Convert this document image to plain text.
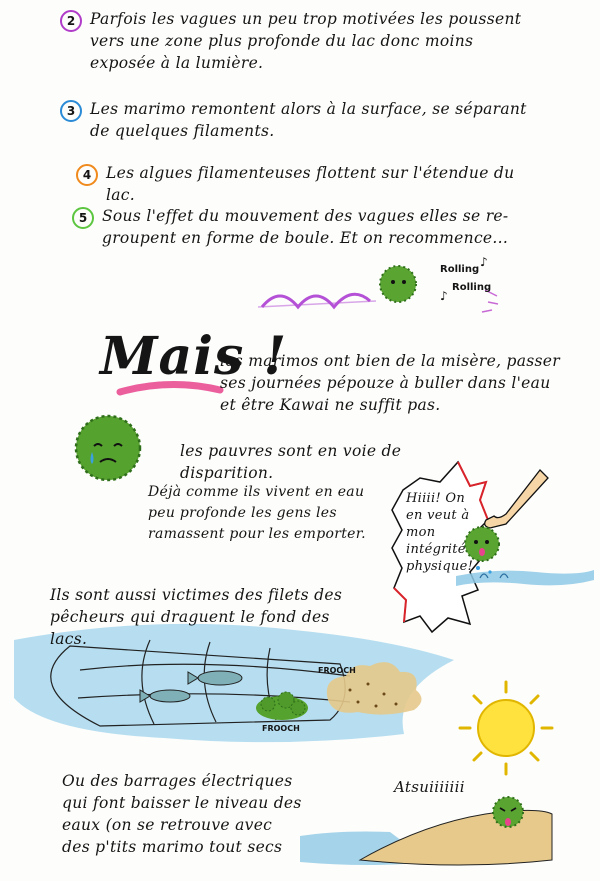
♪
♪
2 Parfois les vagues un peu trop motivées les poussent vers une zone plus profonde du lac donc moins exposée à la lumière.
3 Les marimo remontent alors à la surface, se séparant de quelques filaments.
4 Les algues filamenteuses flottent sur l'étendue du lac.
5 Sous l'effet du mouvement des vagues elles se re-groupent en forme de boule. Et on recommence...
Rolling
Rolling
Mais !
les marimos ont bien de la misère, passer ses journées pépouze à buller dans l'eau et être Kawai ne suffit pas.
les pauvres sont en voie de disparition.
Déjà comme ils vivent en eau peu profonde les gens les ramassent pour les emporter.
Hiiii! On en veut à mon intégrité physique!
Ils sont aussi victimes des filets des pêcheurs qui draguent le fond des lacs.
FROOCH
FROOCH
Ou des barrages électriques qui font baisser le niveau des eaux (on se retrouve avec des p'tits marimo tout secs
Atsuiiiiiii
